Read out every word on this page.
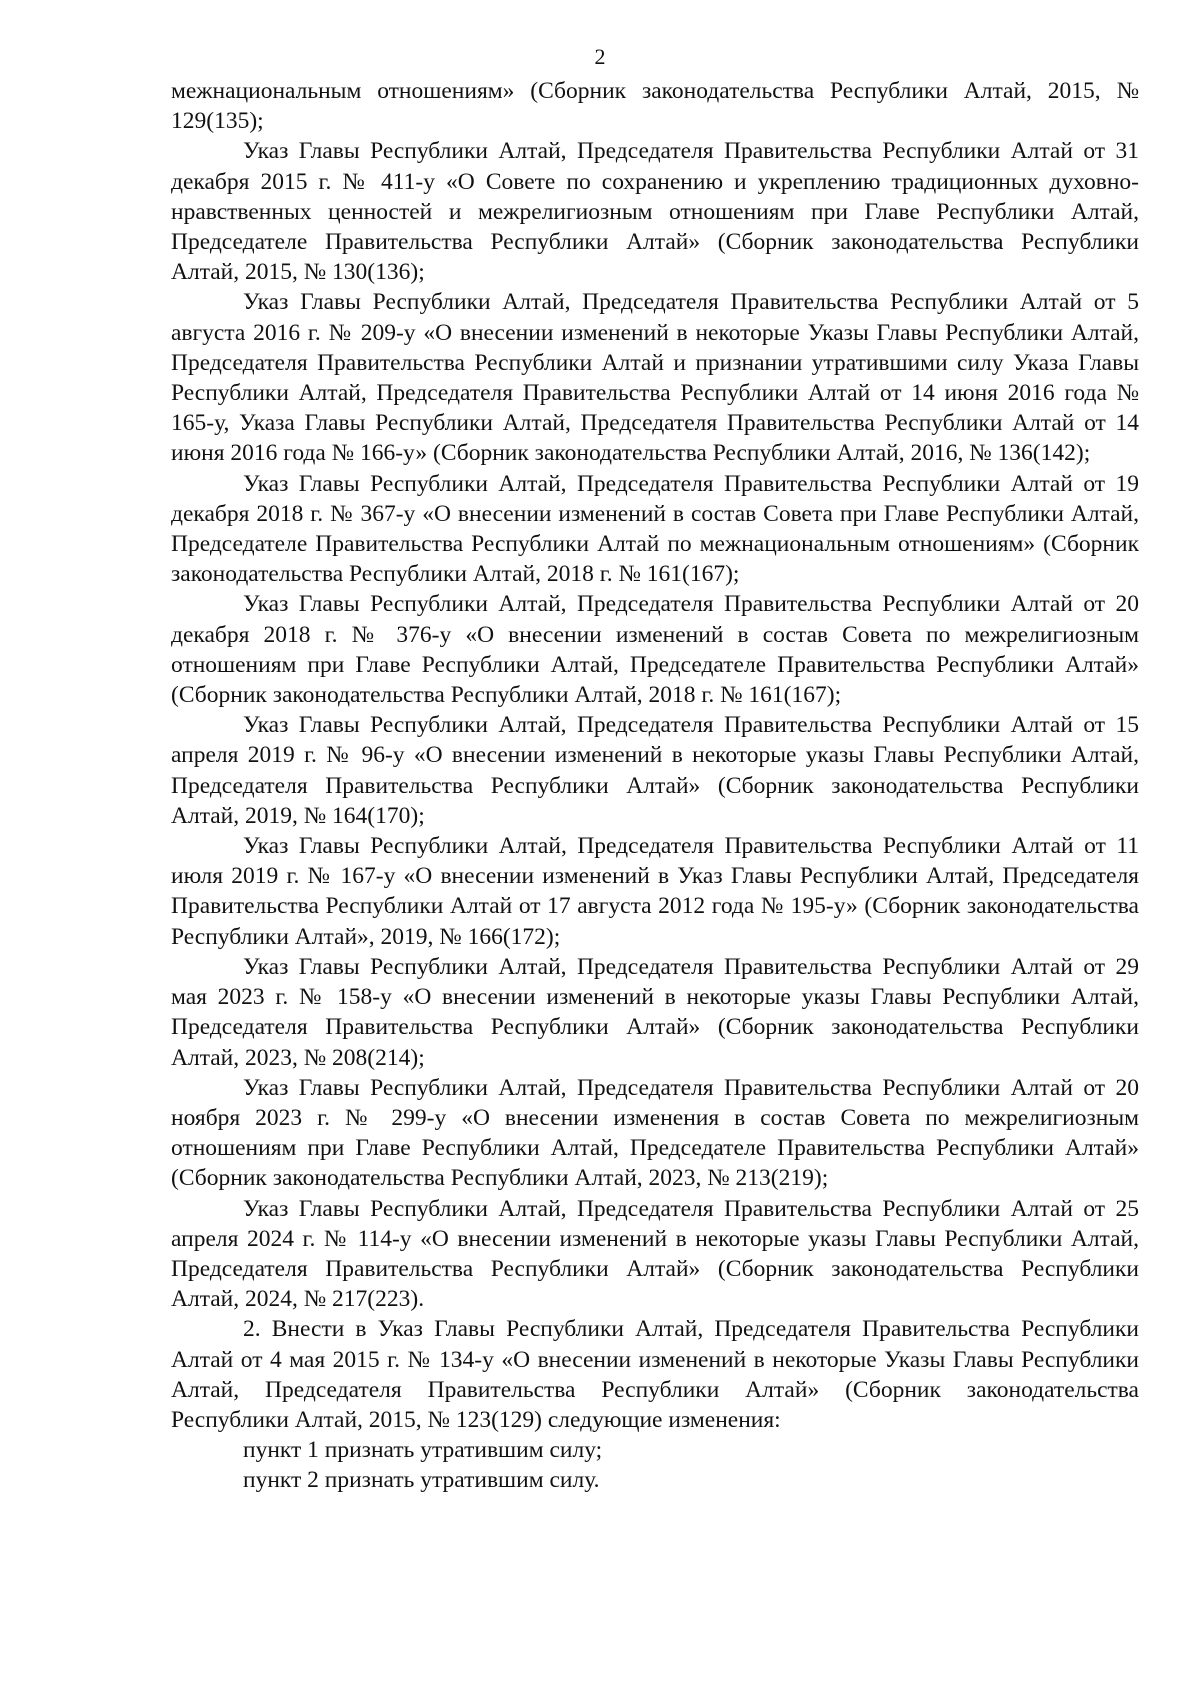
2

межнациональным отношениям» (Сборник законодательства Республики Алтай, 2015, № 129(135);

Указ Главы Республики Алтай, Председателя Правительства Республики Алтай от 31 декабря 2015 г. № 411-у «О Совете по сохранению и укреплению традиционных духовно-нравственных ценностей и межрелигиозным отношениям при Главе Республики Алтай, Председателе Правительства Республики Алтай» (Сборник законодательства Республики Алтай, 2015, № 130(136);

Указ Главы Республики Алтай, Председателя Правительства Республики Алтай от 5 августа 2016 г. № 209-у «О внесении изменений в некоторые Указы Главы Республики Алтай, Председателя Правительства Республики Алтай и признании утратившими силу Указа Главы Республики Алтай, Председателя Правительства Республики Алтай от 14 июня 2016 года № 165-у, Указа Главы Республики Алтай, Председателя Правительства Республики Алтай от 14 июня 2016 года № 166-у» (Сборник законодательства Республики Алтай, 2016, № 136(142);

Указ Главы Республики Алтай, Председателя Правительства Республики Алтай от 19 декабря 2018 г. № 367-у «О внесении изменений в состав Совета при Главе Республики Алтай, Председателе Правительства Республики Алтай по межнациональным отношениям» (Сборник законодательства Республики Алтай, 2018 г. № 161(167);

Указ Главы Республики Алтай, Председателя Правительства Республики Алтай от 20 декабря 2018 г. № 376-у «О внесении изменений в состав Совета по межрелигиозным отношениям при Главе Республики Алтай, Председателе Правительства Республики Алтай» (Сборник законодательства Республики Алтай, 2018 г. № 161(167);

Указ Главы Республики Алтай, Председателя Правительства Республики Алтай от 15 апреля 2019 г. № 96-у «О внесении изменений в некоторые указы Главы Республики Алтай, Председателя Правительства Республики Алтай» (Сборник законодательства Республики Алтай, 2019, № 164(170);

Указ Главы Республики Алтай, Председателя Правительства Республики Алтай от 11 июля 2019 г. № 167-у «О внесении изменений в Указ Главы Республики Алтай, Председателя Правительства Республики Алтай от 17 августа 2012 года № 195-у» (Сборник законодательства Республики Алтай», 2019, № 166(172);

Указ Главы Республики Алтай, Председателя Правительства Республики Алтай от 29 мая 2023 г. № 158-у «О внесении изменений в некоторые указы Главы Республики Алтай, Председателя Правительства Республики Алтай» (Сборник законодательства Республики Алтай, 2023, № 208(214);

Указ Главы Республики Алтай, Председателя Правительства Республики Алтай от 20 ноября 2023 г. № 299-у «О внесении изменения в состав Совета по межрелигиозным отношениям при Главе Республики Алтай, Председателе Правительства Республики Алтай» (Сборник законодательства Республики Алтай, 2023, № 213(219);

Указ Главы Республики Алтай, Председателя Правительства Республики Алтай от 25 апреля 2024 г. № 114-у «О внесении изменений в некоторые указы Главы Республики Алтай, Председателя Правительства Республики Алтай» (Сборник законодательства Республики Алтай, 2024, № 217(223).

2. Внести в Указ Главы Республики Алтай, Председателя Правительства Республики Алтай от 4 мая 2015 г. № 134-у «О внесении изменений в некоторые Указы Главы Республики Алтай, Председателя Правительства Республики Алтай» (Сборник законодательства Республики Алтай, 2015, № 123(129) следующие изменения:

пункт 1 признать утратившим силу;

пункт 2 признать утратившим силу.
